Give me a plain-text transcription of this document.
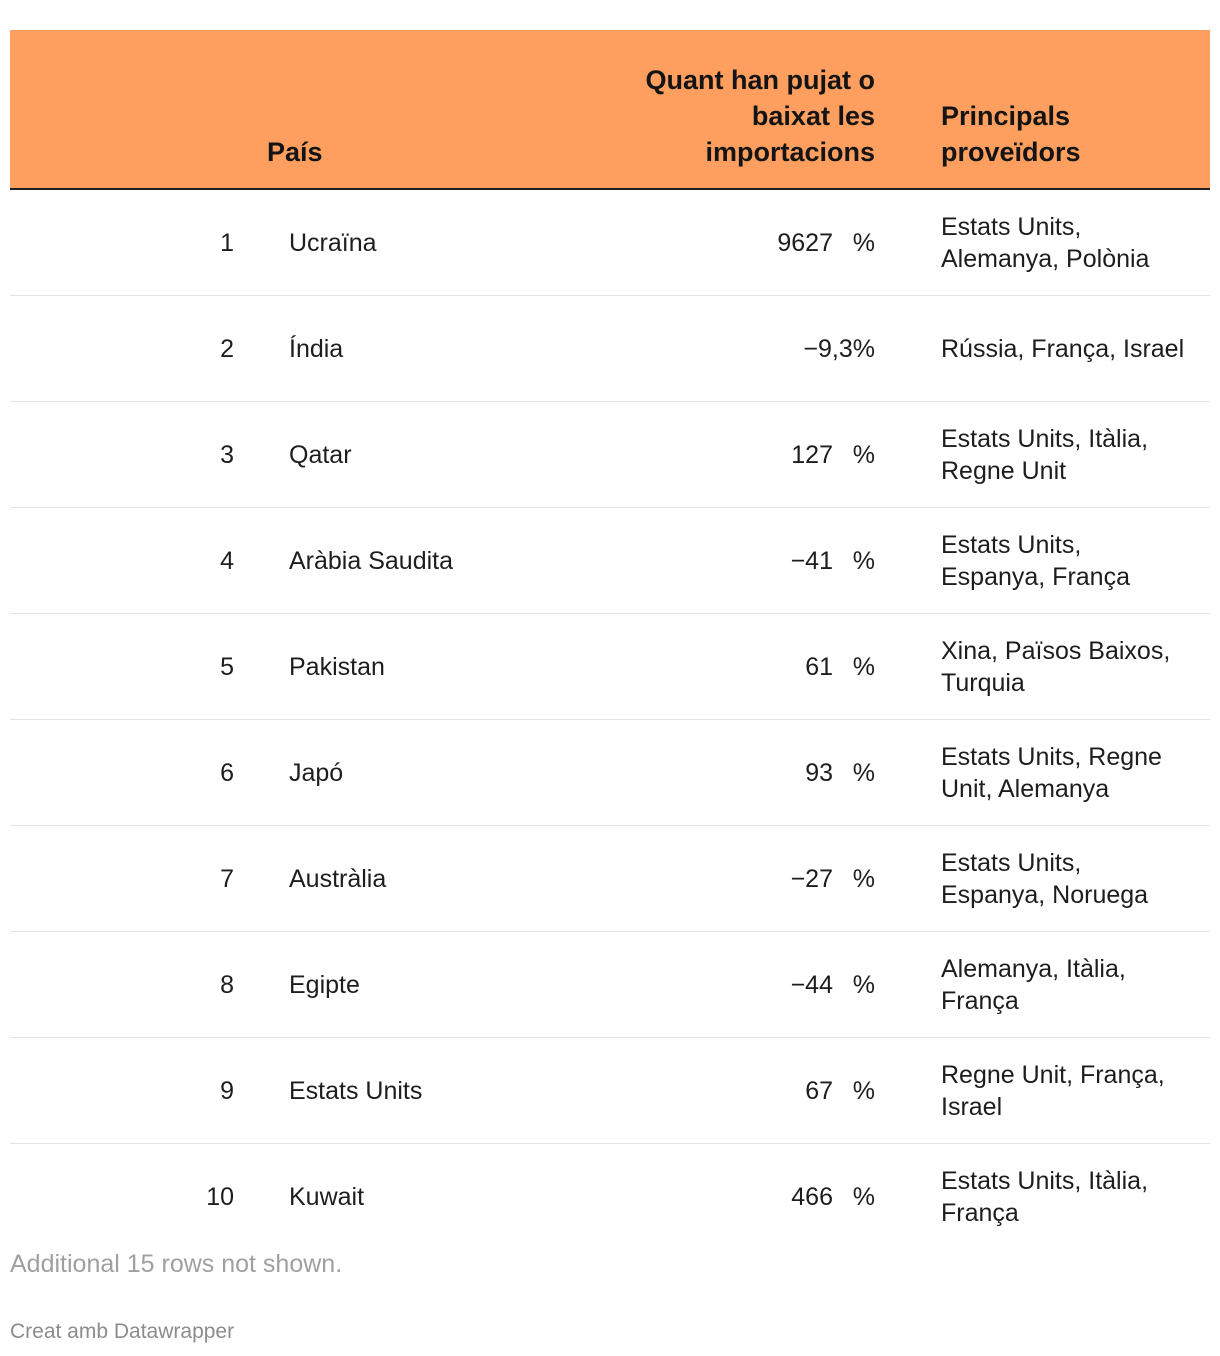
	País	Quant han pujat o baixat les importacions	Principals proveïdors
1	Ucraïna	9627 %	Estats Units, Alemanya, Polònia
2	Índia	−9,3%	Rússia, França, Israel
3	Qatar	127 %	Estats Units, Itàlia, Regne Unit
4	Aràbia Saudita	−41 %	Estats Units, Espanya, França
5	Pakistan	61 %	Xina, Països Baixos, Turquia
6	Japó	93 %	Estats Units, Regne Unit, Alemanya
7	Austràlia	−27 %	Estats Units, Espanya, Noruega
8	Egipte	−44 %	Alemanya, Itàlia, França
9	Estats Units	67 %	Regne Unit, França, Israel
10	Kuwait	466 %	Estats Units, Itàlia, França
Additional 15 rows not shown.
Creat amb Datawrapper
